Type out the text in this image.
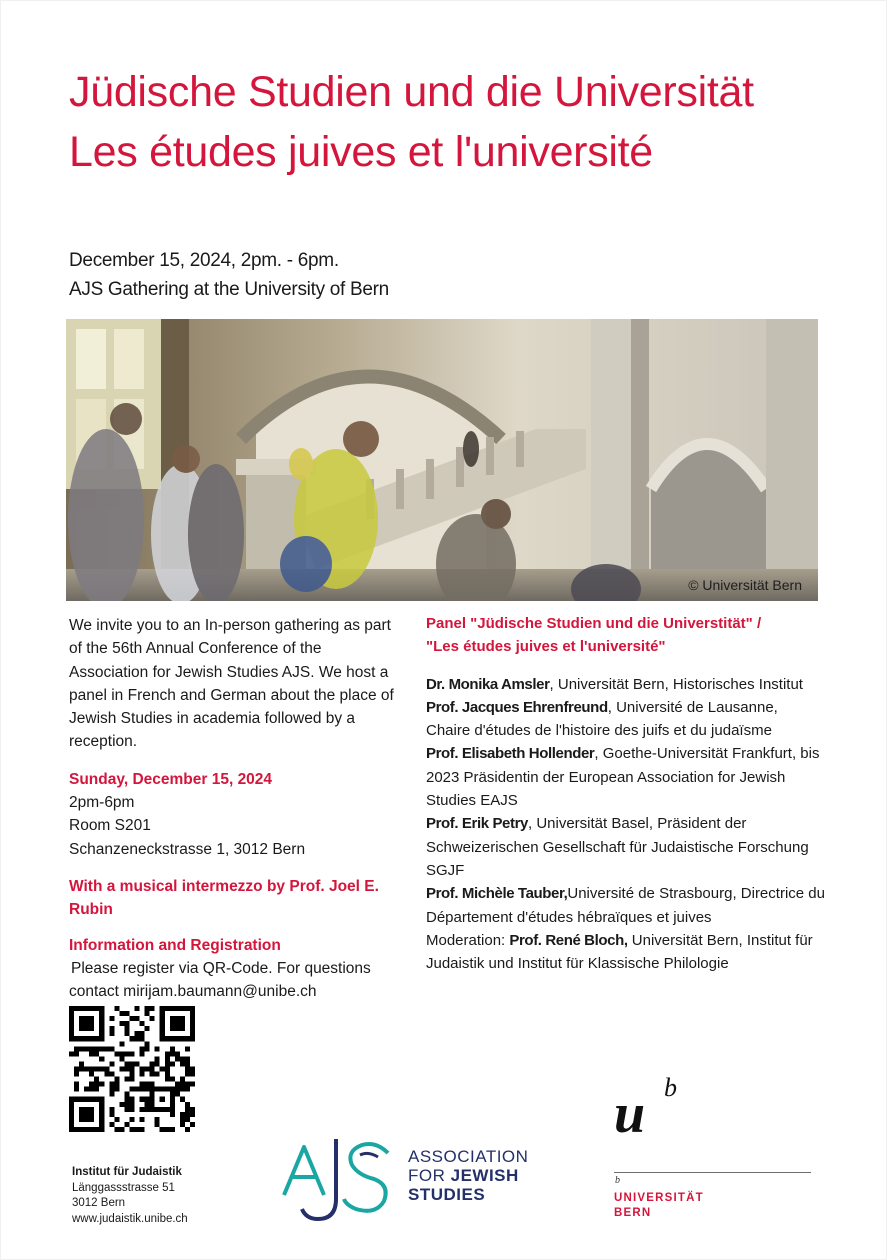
Jüdische Studien und die Universität
Les études juives et l'université
December 15, 2024, 2pm. - 6pm.
AJS Gathering at the University of Bern
© Universität Bern

We invite you to an In-person gathering as part of the 56th Annual Conference of the Association for Jewish Studies AJS. We host a panel in French and German about the place of Jewish Studies in academia followed by a reception.

Sunday, December 15, 2024
2pm-6pm
Room S201
Schanzeneckstrasse 1, 3012 Bern
With a musical intermezzo by Prof. Joel E. Rubin
Information and Registration
Please register via QR-Code. For questions
contact mirijam.baumann@unibe.ch
Panel "Jüdische Studien und die Universtität" /
"Les études juives et l'université"

Dr. Monika Amsler, Universität Bern, Historisches Institut

Prof. Jacques Ehrenfreund, Université de Lausanne, Chaire d'études de l'histoire des juifs et du judaïsme

Prof. Elisabeth Hollender, Goethe-Universität Frankfurt, bis 2023 Präsidentin der European Association for Jewish Studies EAJS

Prof. Erik Petry, Universität Basel, Präsident der Schweizerischen Gesellschaft für Judaistische Forschung SGJF

Prof. Michèle Tauber,Université de Strasbourg, Directrice du Département d'études hébraïques et juives

Moderation: Prof. René Bloch, Universität Bern, Institut für Judaistik und Institut für Klassische Philologie

Institut für Judaistik
Länggassstrasse 51
3012 Bern
www.judaistik.unibe.ch
ASSOCIATION
FOR JEWISH
STUDIES
u b
b
UNIVERSITÄT
BERN
